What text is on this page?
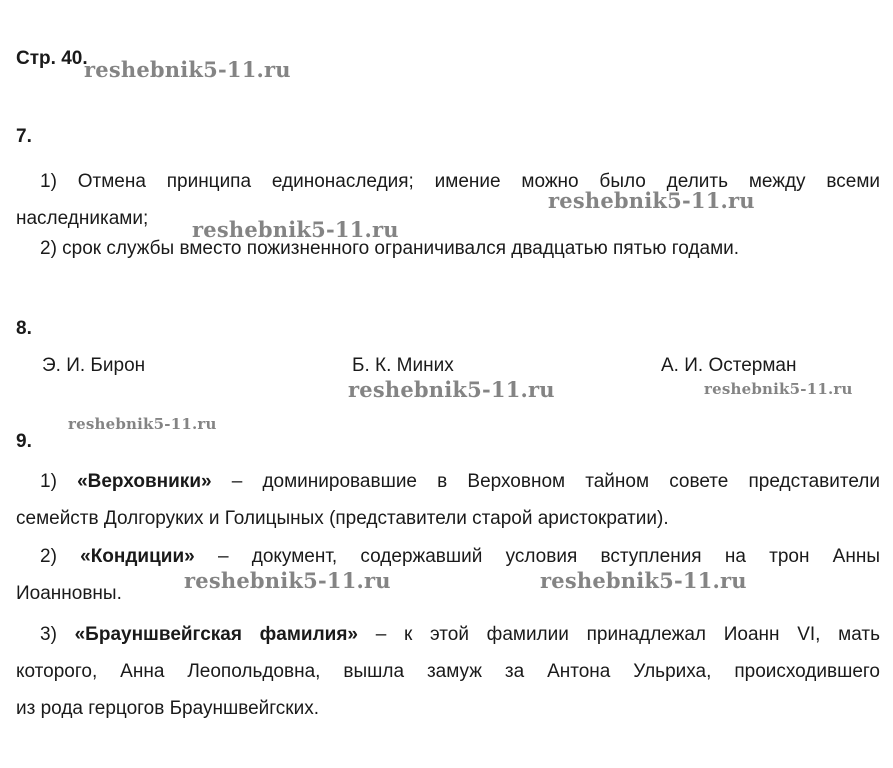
Стр. 40.
7.
1) Отмена принципа единонаследия; имение можно было делить между всеми
наследниками;
2) срок службы вместо пожизненного ограничивался двадцатью пятью годами.
8.
Э. И. Бирон	Б. К. Миних	А. И. Остерман
9.
1) «Верховники» – доминировавшие в Верховном тайном совете представители
семейств Долгоруких и Голицыных (представители старой аристократии).
2) «Кондиции» – документ, содержавший условия вступления на трон Анны
Иоанновны.
3) «Брауншвейгская фамилия» – к этой фамилии принадлежал Иоанн VI, мать
которого, Анна Леопольдовна, вышла замуж за Антона Ульриха, происходившего
из рода герцогов Брауншвейгских.
reshebnik5-11.ru
reshebnik5-11.ru
reshebnik5-11.ru
reshebnik5-11.ru	reshebnik5-11.ru
reshebnik5-11.ru
reshebnik5-11.ru	reshebnik5-11.ru
